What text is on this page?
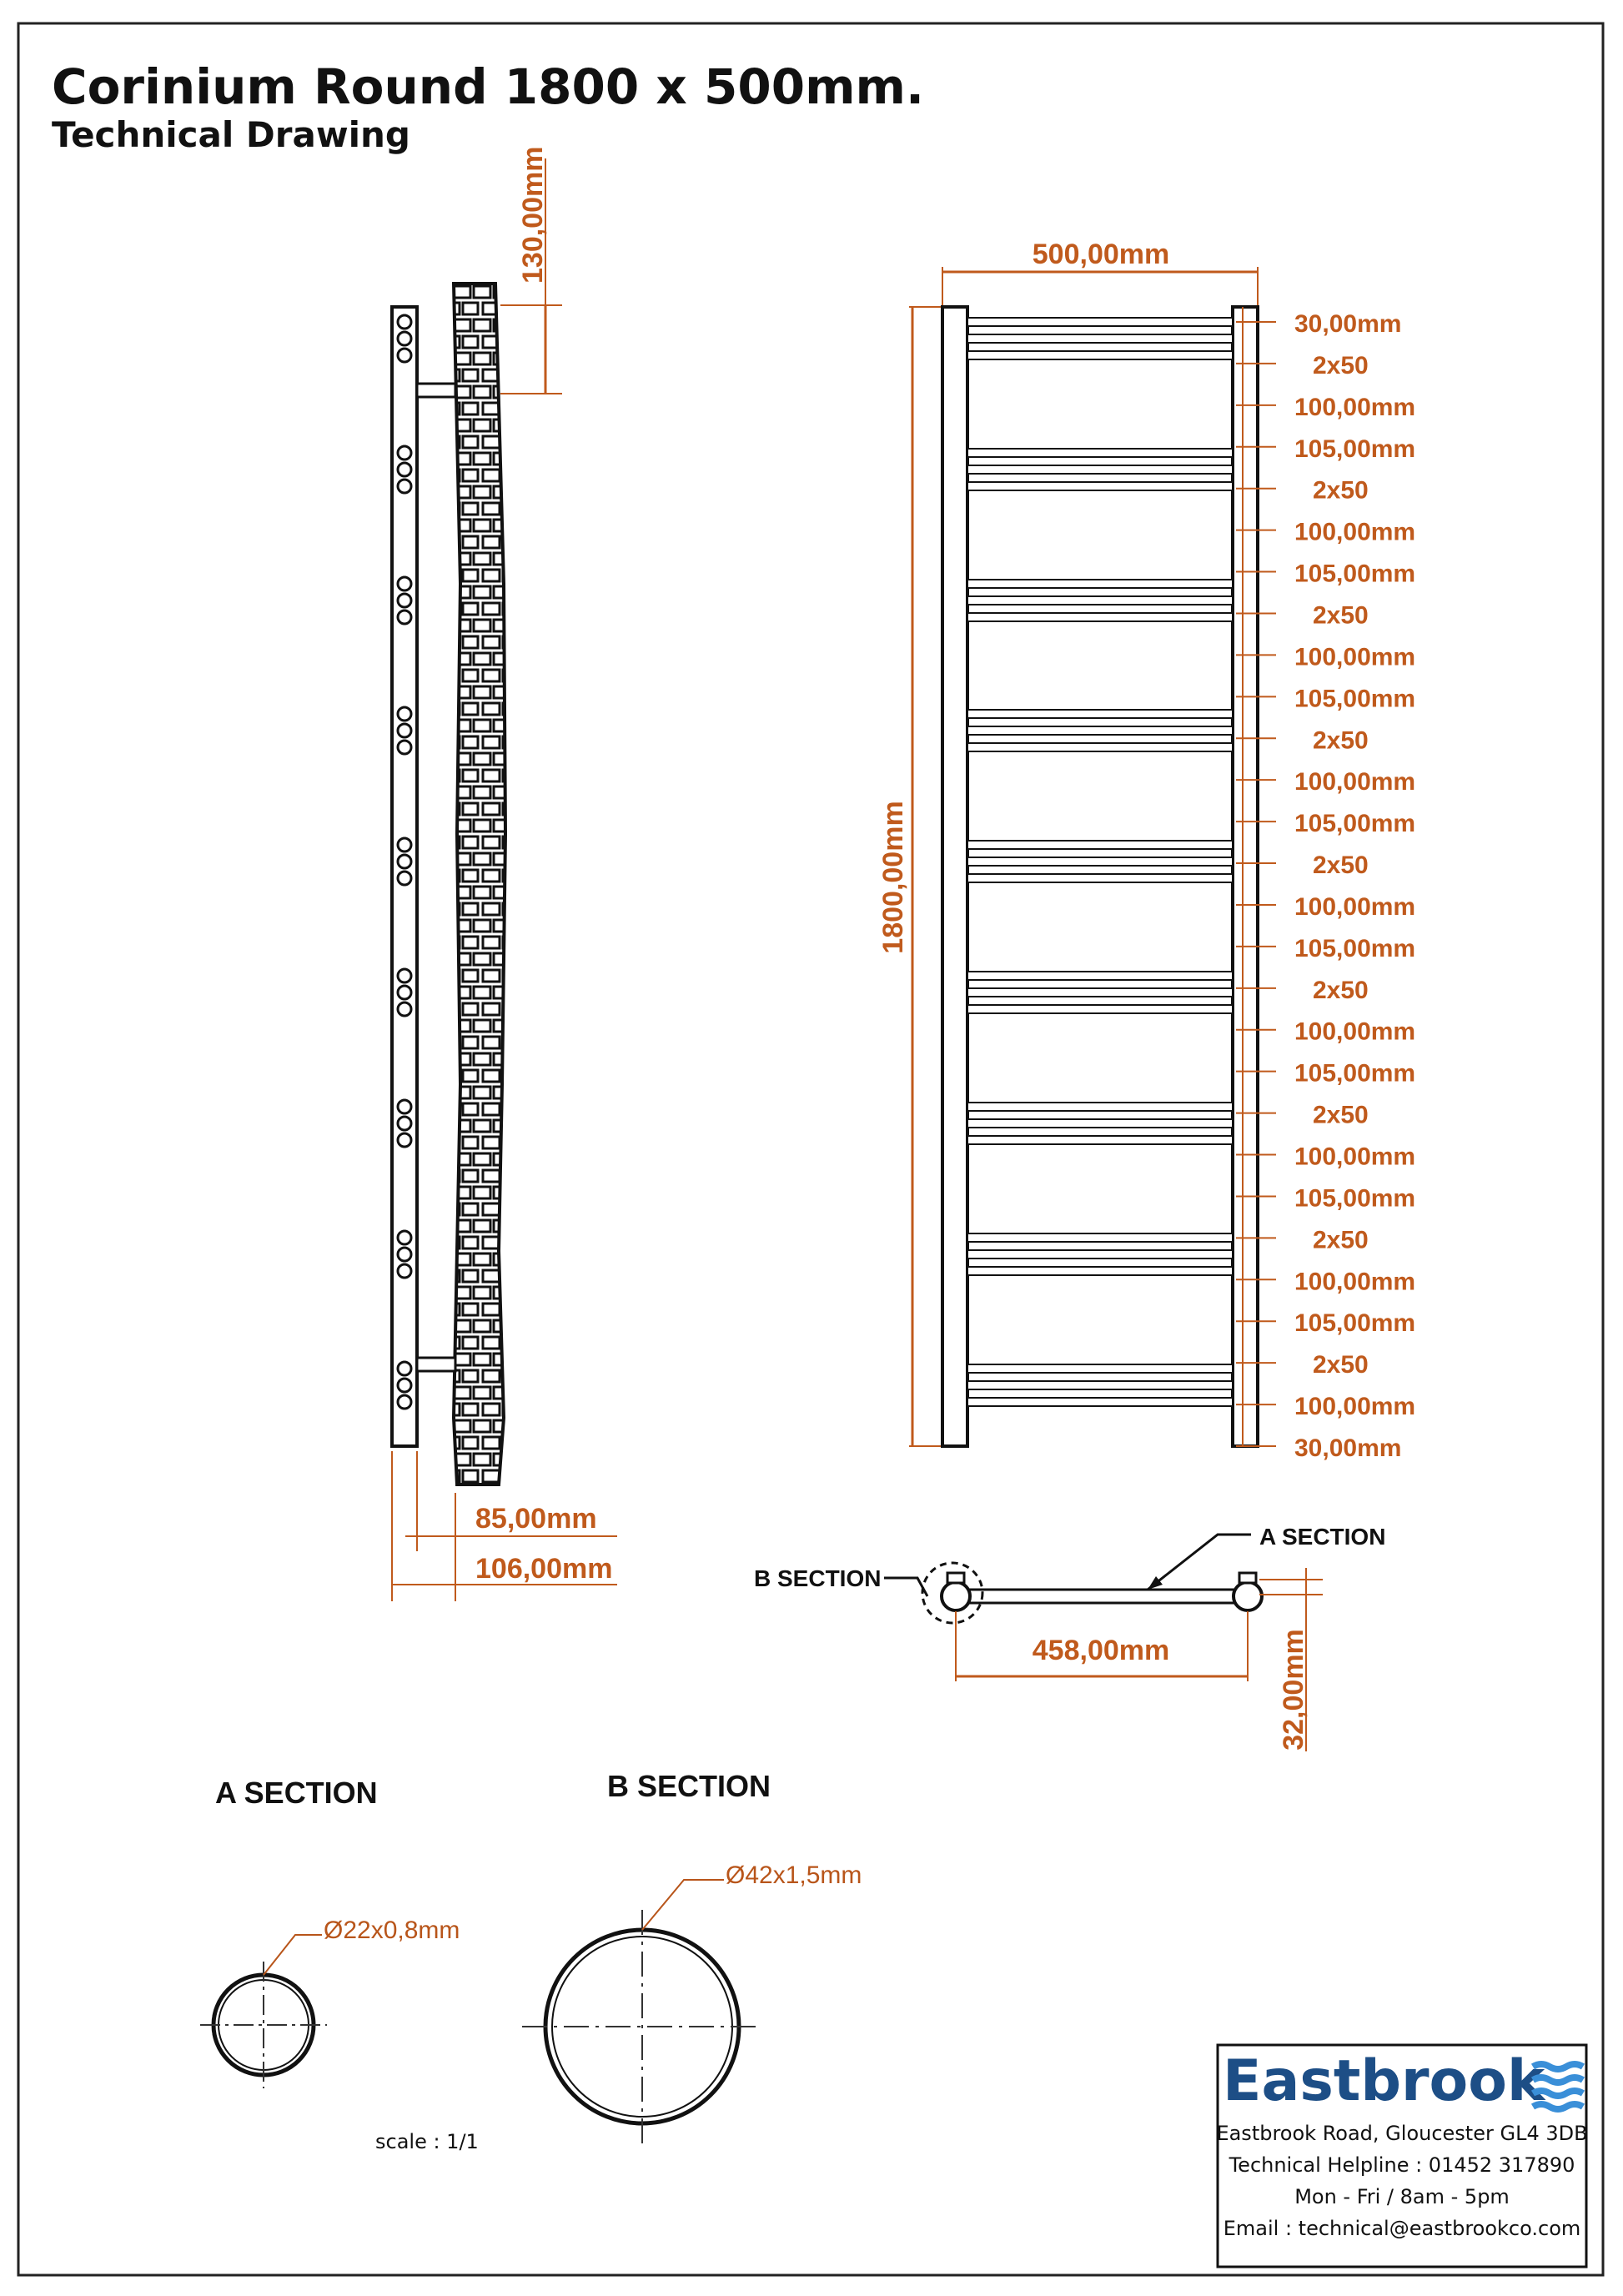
Corinium Round 1800 x 500mm.
Technical Drawing
130,00mm
85,00mm
106,00mm
500,00mm
1800,00mm
30,00mm
2x50
100,00mm
105,00mm
2x50
100,00mm
105,00mm
2x50
100,00mm
105,00mm
2x50
100,00mm
105,00mm
2x50
100,00mm
105,00mm
2x50
100,00mm
105,00mm
2x50
100,00mm
105,00mm
2x50
100,00mm
105,00mm
2x50
100,00mm
30,00mm
A SECTION
B SECTION
458,00mm	32,00mm
A SECTION
Ø22x0,8mm
B SECTION
Ø42x1,5mm
scale : 1/1
Eastbrook
Eastbrook Road, Gloucester GL4 3DB
Technical Helpline : 01452 317890
Mon - Fri / 8am - 5pm
Email : technical@eastbrookco.com
